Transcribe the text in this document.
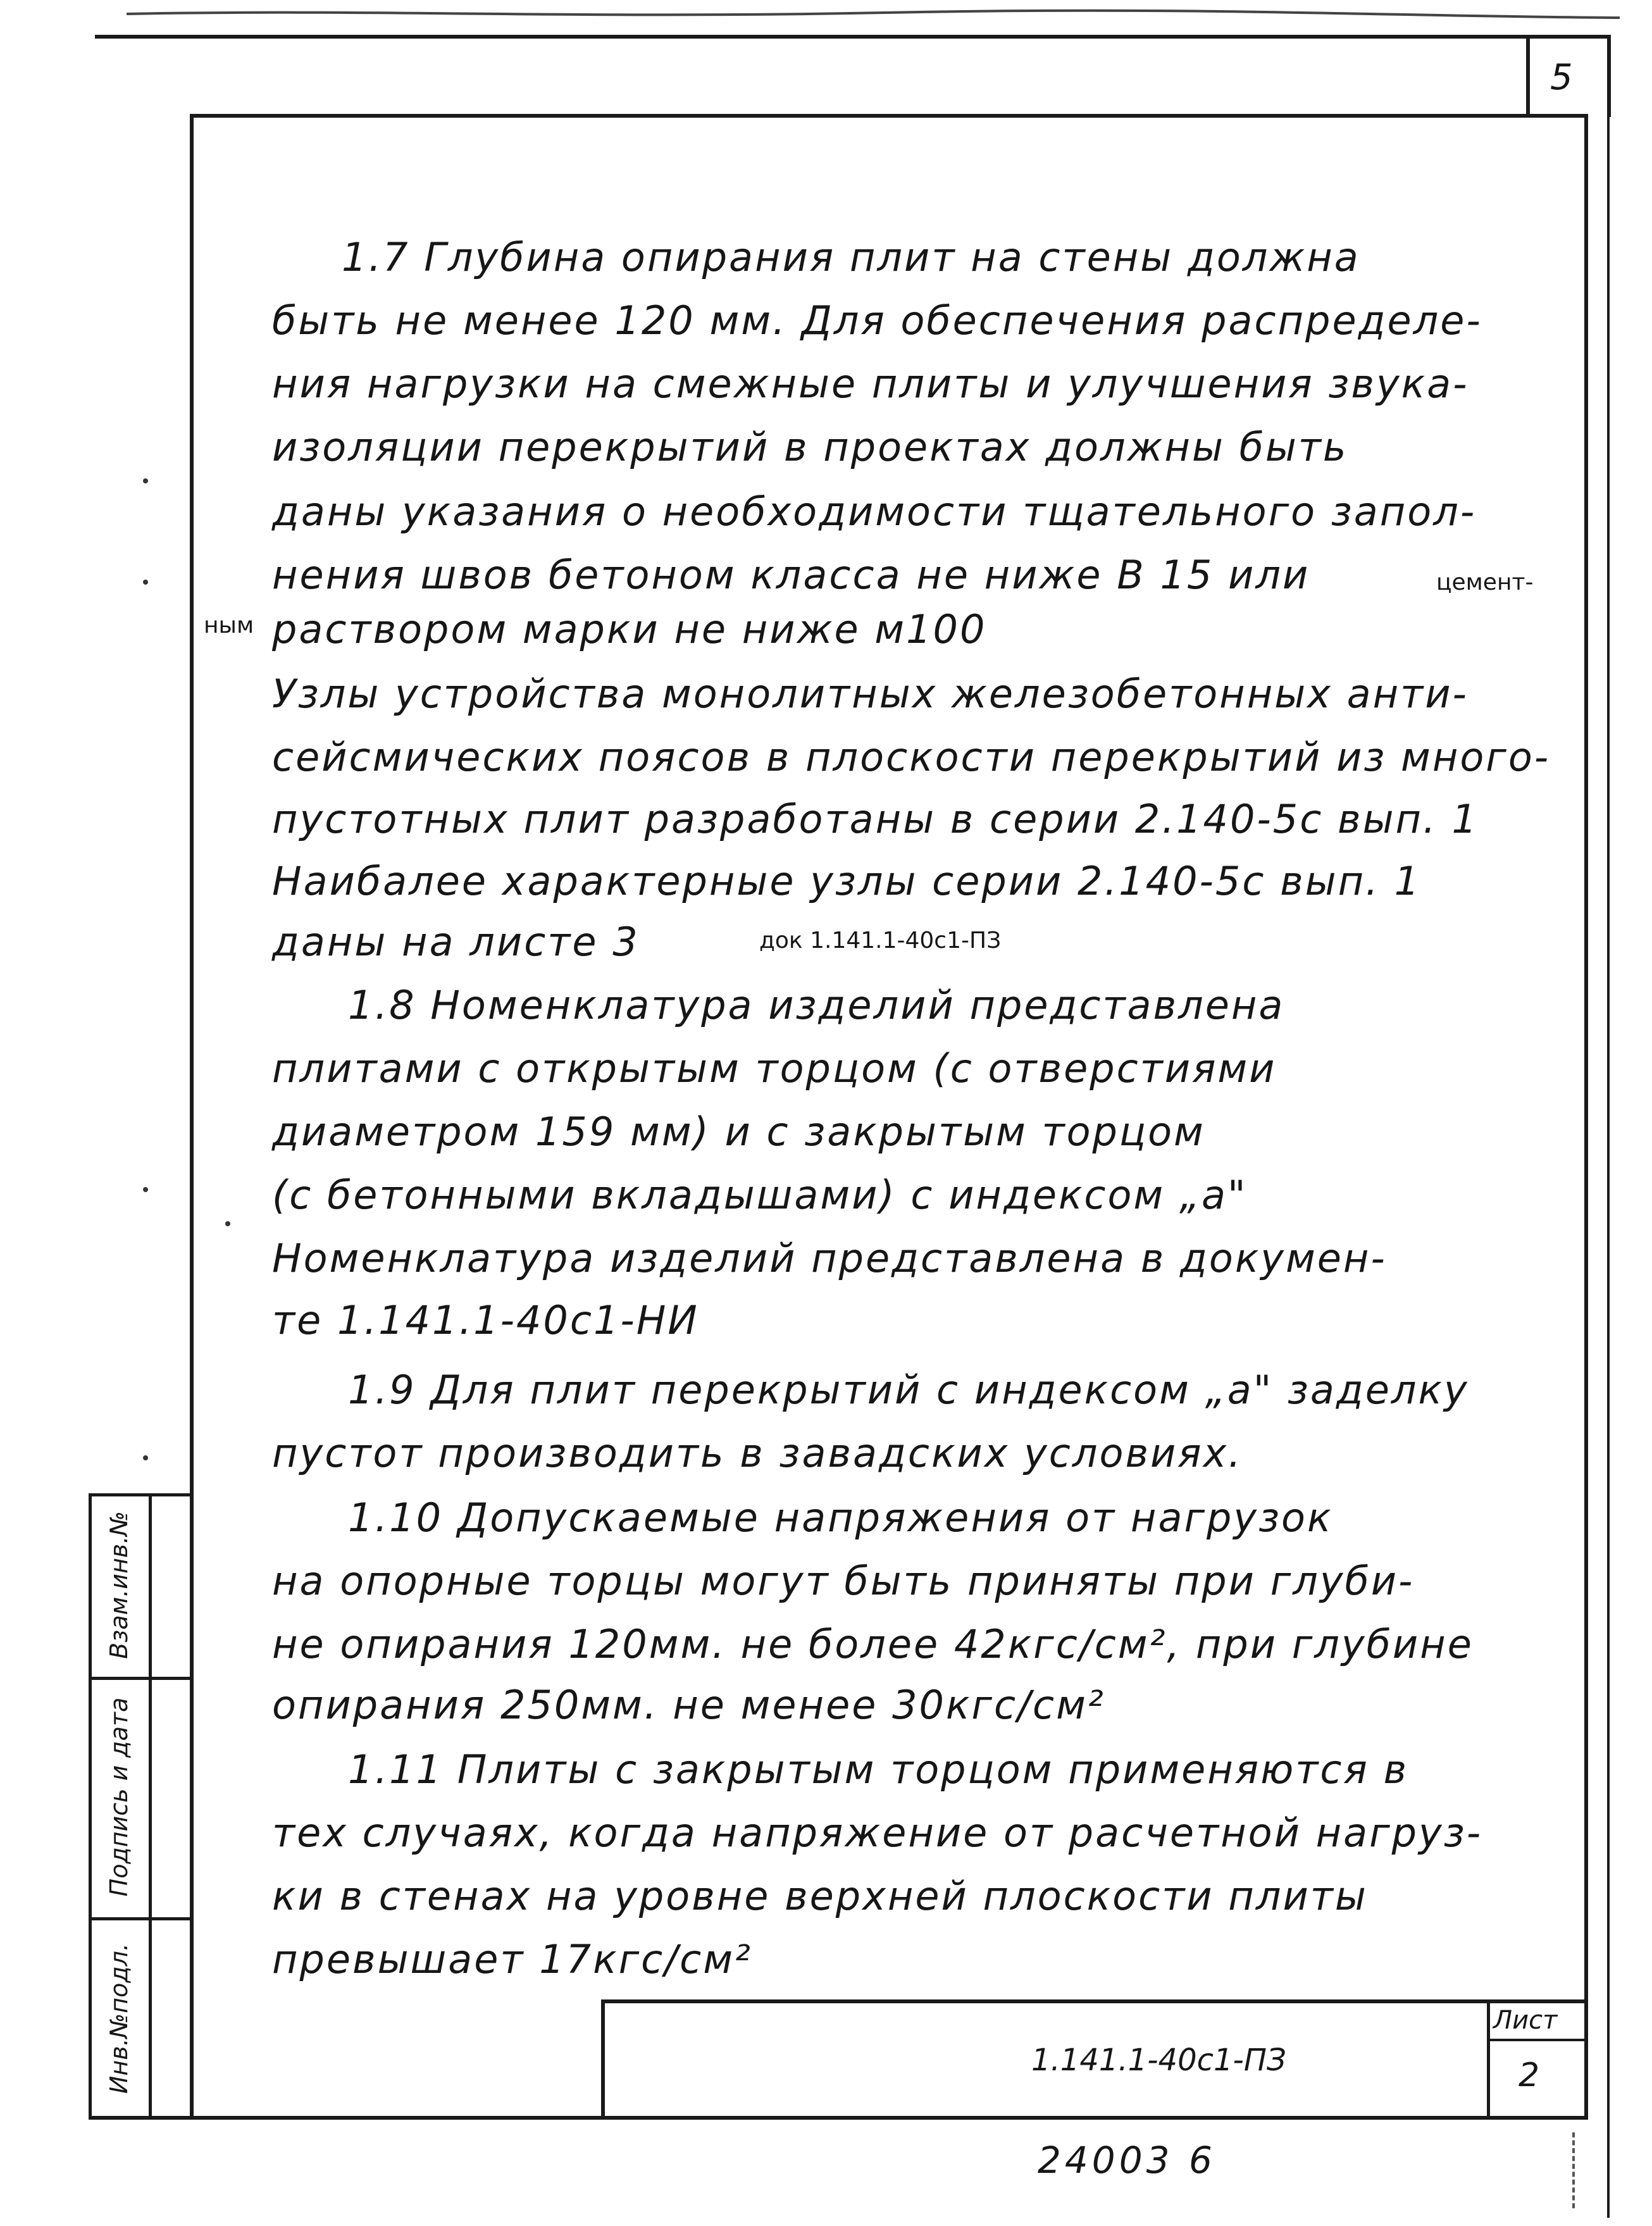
5
1.7 Глубина опирания плит на стены должна
быть не менее 120 мм. Для обеспечения распределе-
ния нагрузки на смежные плиты и улучшения звука-
изоляции перекрытий в проектах должны быть
даны указания о необходимости тщательного запол-
нения швов бетоном класса не ниже В 15 или	цемент-
ным раствором марки не ниже м100
Узлы устройства монолитных железобетонных анти-
сейсмических поясов в плоскости перекрытий из много-
пустотных плит разработаны в серии 2.140-5с вып. 1
Наибалее характерные узлы серии 2.140-5с вып. 1
даны на листе 3	док 1.141.1-40с1-ПЗ
1.8 Номенклатура изделий представлена
плитами с открытым торцом (с отверстиями
диаметром 159 мм) и с закрытым торцом
(с бетонными вкладышами) с индексом „а"
Номенклатура изделий представлена в докумен-
те 1.141.1-40с1-НИ
1.9 Для плит перекрытий с индексом „а" заделку
пустот производить в завадских условиях.
1.10 Допускаемые напряжения от нагрузок
на опорные торцы могут быть приняты при глуби-
не опирания 120мм. не более 42кгс/см², при глубине
опирания 250мм. не менее 30кгс/см²
1.11 Плиты с закрытым торцом применяются в
тех случаях, когда напряжение от расчетной нагруз-
ки в стенах на уровне верхней плоскости плиты
превышает 17кгс/см²
Взам.инв.№
Подпись и дата
Инв.№подл.	1.141.1-40с1-ПЗ
Лист
2
24003 6
